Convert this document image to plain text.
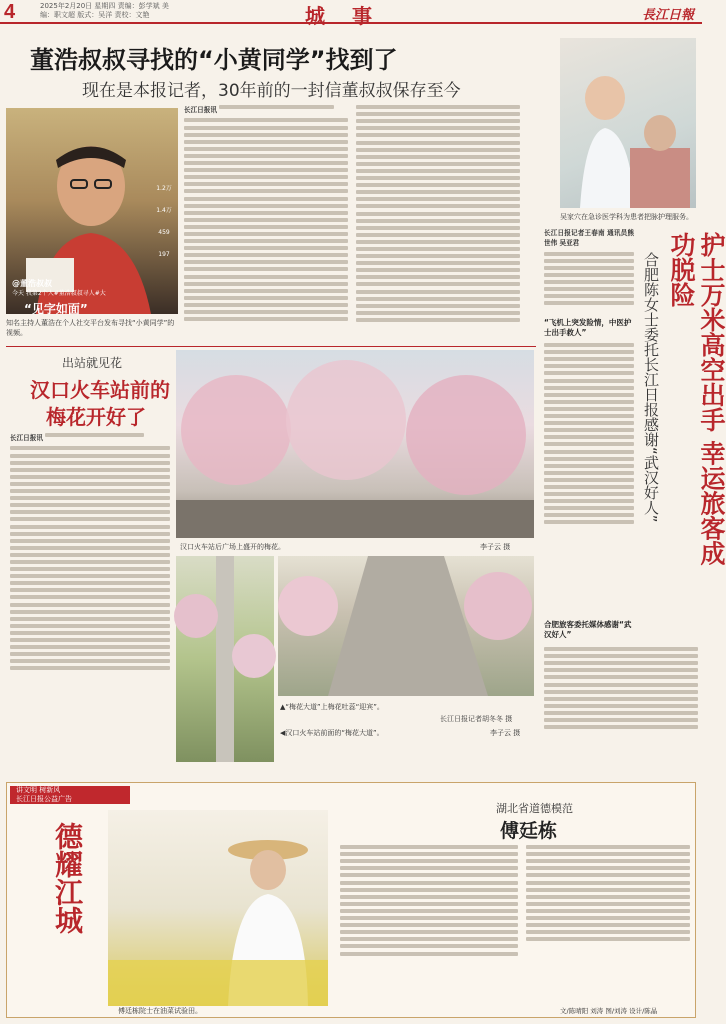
4	2025年2月20日 星期四 责编：彭学斌 美编：职文超 版式：吴洋 责校：文艳	城 事	長江日報
董浩叔叔寻找的“小黄同学”找到了
现在是本报记者，30年前的一封信董叔叔保存至今
“见字如面”
@董浩叔叔
今天 我第2个人#董浩叔叔寻人#大
1.2万
1.4万
459
197
知名主持人董浩在个人社交平台发布寻找“小黄同学”的视频。
长江日报讯
吴家穴在急诊医学科为患者把脉护理服务。
护士万米高空出手 幸运旅客成功脱险
合肥陈女士委托长江日报感谢“武汉好人”
长江日报记者王春南 通讯员熊世伟 吴亚君
“飞机上突发险情，中医护士出手救人”
合肥旅客委托媒体感谢“武汉好人”
出站就见花
汉口火车站前的
梅花开好了
长江日报讯
汉口火车站后广场上盛开的梅花。	李子云 摄
▲“梅花大道”上梅花吐蕊“迎宾”。
长江日报记者胡冬冬 摄
◀汉口火车站前面的“梅花大道”。	李子云 摄
讲文明 树新风
长江日报公益广告
德耀江城
傅廷栋院士在油菜试验田。
湖北省道德模范
傅廷栋
文/陈晴阳 刘涛 图/刘涛 设计/陈晶
